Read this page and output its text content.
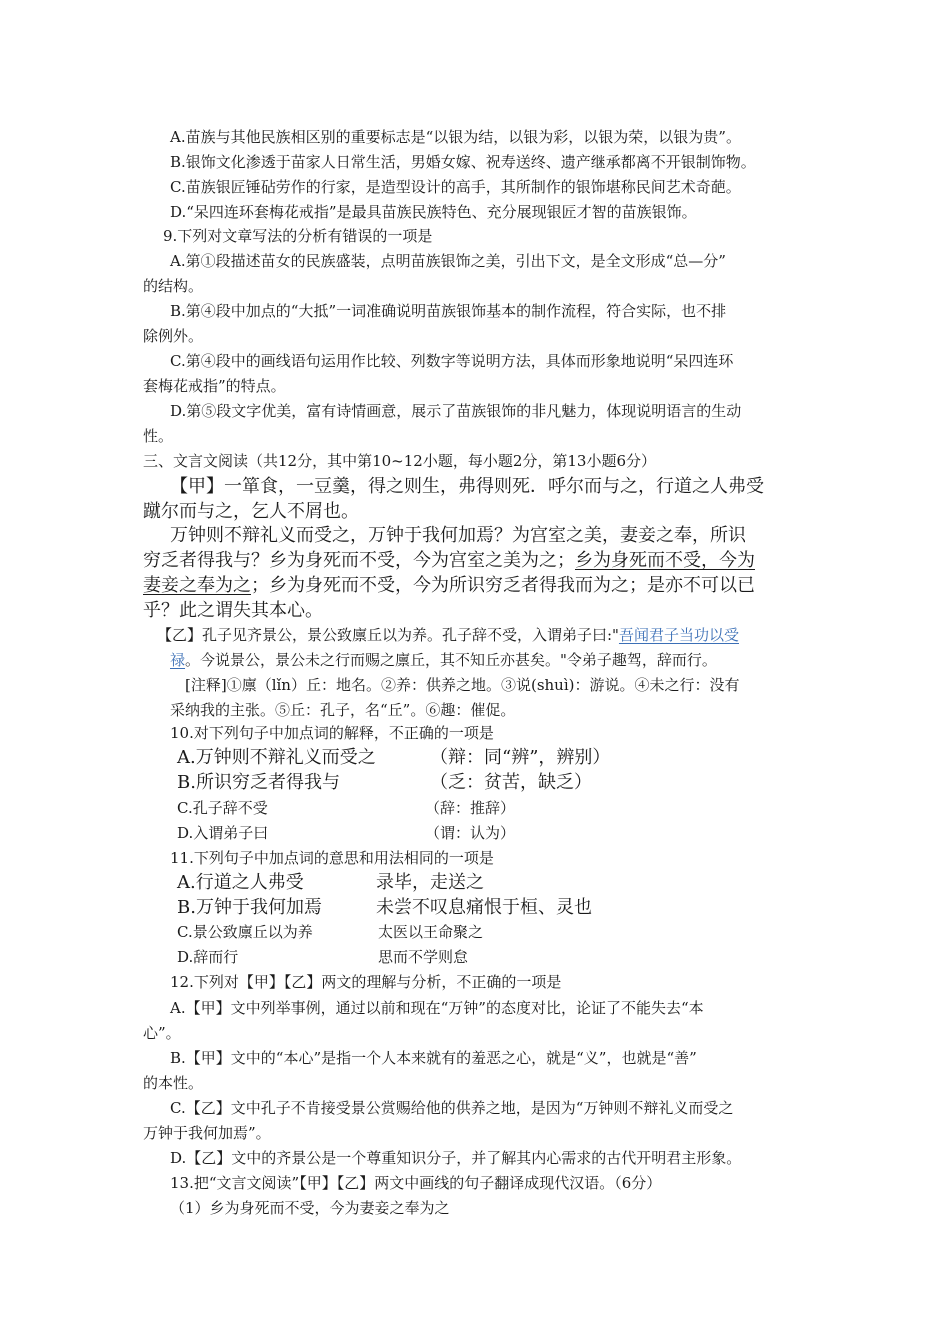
A.苗族与其他民族相区别的重要标志是“以银为结，以银为彩，以银为荣，以银为贵”。
B.银饰文化渗透于苗家人日常生活，男婚女嫁、祝寿送终、遗产继承都离不开银制饰物。
C.苗族银匠锤砧劳作的行家，是造型设计的高手，其所制作的银饰堪称民间艺术奇葩。
D.“呆四连环套梅花戒指”是最具苗族民族特色、充分展现银匠才智的苗族银饰。
9.下列对文章写法的分析有错误的一项是
A.第①段描述苗女的民族盛装，点明苗族银饰之美，引出下文，是全文形成“总—分”
的结构。
B.第④段中加点的“大抵”一词准确说明苗族银饰基本的制作流程，符合实际，也不排
除例外。
C.第④段中的画线语句运用作比较、列数字等说明方法，具体而形象地说明“呆四连环
套梅花戒指”的特点。
D.第⑤段文字优美，富有诗情画意，展示了苗族银饰的非凡魅力，体现说明语言的生动
性。
三、文言文阅读（共12分，其中第10~12小题，每小题2分，第13小题6分）
【甲】一箪食，一豆羹，得之则生，弗得则死．呼尔而与之，行道之人弗受
蹴尔而与之，乞人不屑也。
万钟则不辩礼义而受之，万钟于我何加焉？为宫室之美，妻妾之奉，所识
穷乏者得我与？乡为身死而不受，今为宫室之美为之；乡为身死而不受，今为
妻妾之奉为之；乡为身死而不受，今为所识穷乏者得我而为之；是亦不可以已
乎？此之谓失其本心。
【乙】孔子见齐景公，景公致廪丘以为养。孔子辞不受，入谓弟子曰:"吾闻君子当功以受
禄。今说景公，景公未之行而赐之廪丘，其不知丘亦甚矣。"令弟子趣驾，辞而行。
[注释]①廪（lǐn）丘：地名。②养：供养之地。③说(shuì)：游说。④未之行：没有
采纳我的主张。⑤丘：孔子，名“丘”。⑥趣：催促。
10.对下列句子中加点词的解释，不正确的一项是
A.万钟则不辩礼义而受之	（辩：同“辨”，辨别）
B.所识穷乏者得我与	（乏：贫苦，缺乏）
C.孔子辞不受	（辞：推辞）
D.入谓弟子曰	（谓：认为）
11.下列句子中加点词的意思和用法相同的一项是
A.行道之人弗受	录毕，走送之
B.万钟于我何加焉	未尝不叹息痛恨于桓、灵也
C.景公致廪丘以为养	太医以王命聚之
D.辞而行	思而不学则怠
12.下列对【甲】【乙】两文的理解与分析，不正确的一项是
A.【甲】文中列举事例，通过以前和现在“万钟”的态度对比，论证了不能失去“本
心”。
B.【甲】文中的“本心”是指一个人本来就有的羞恶之心，就是“义”，也就是“善”
的本性。
C.【乙】文中孔子不肯接受景公赏赐给他的供养之地，是因为“万钟则不辩礼义而受之
万钟于我何加焉”。
D.【乙】文中的齐景公是一个尊重知识分子，并了解其内心需求的古代开明君主形象。
13.把“文言文阅读”【甲】【乙】两文中画线的句子翻译成现代汉语。（6分）
（1）乡为身死而不受，今为妻妾之奉为之
